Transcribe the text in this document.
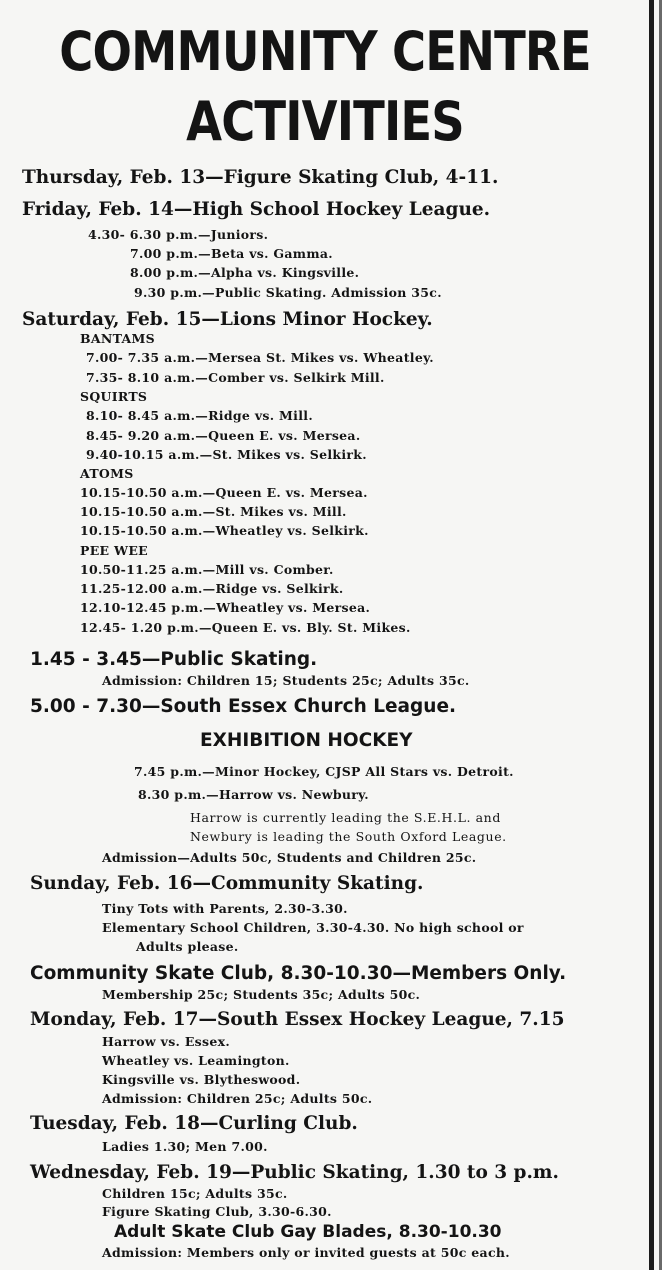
COMMUNITY CENTRE
ACTIVITIES
Thursday, Feb. 13—Figure Skating Club, 4-11.
Friday, Feb. 14—High School Hockey League.
4.30- 6.30 p.m.—Juniors.
7.00 p.m.—Beta vs. Gamma.
8.00 p.m.—Alpha vs. Kingsville.
9.30 p.m.—Public Skating. Admission 35c.
Saturday, Feb. 15—Lions Minor Hockey.
BANTAMS
7.00- 7.35 a.m.—Mersea St. Mikes vs. Wheatley.
7.35- 8.10 a.m.—Comber vs. Selkirk Mill.
SQUIRTS
8.10- 8.45 a.m.—Ridge vs. Mill.
8.45- 9.20 a.m.—Queen E. vs. Mersea.
9.40-10.15 a.m.—St. Mikes vs. Selkirk.
ATOMS
10.15-10.50 a.m.—Queen E. vs. Mersea.
10.15-10.50 a.m.—St. Mikes vs. Mill.
10.15-10.50 a.m.—Wheatley vs. Selkirk.
PEE WEE
10.50-11.25 a.m.—Mill vs. Comber.
11.25-12.00 a.m.—Ridge vs. Selkirk.
12.10-12.45 p.m.—Wheatley vs. Mersea.
12.45- 1.20 p.m.—Queen E. vs. Bly. St. Mikes.
1.45 - 3.45—Public Skating.
Admission: Children 15; Students 25c; Adults 35c.
5.00 - 7.30—South Essex Church League.
EXHIBITION HOCKEY
7.45 p.m.—Minor Hockey, CJSP All Stars vs. Detroit.
8.30 p.m.—Harrow vs. Newbury.
Harrow is currently leading the S.E.H.L. and
Newbury is leading the South Oxford League.
Admission—Adults 50c, Students and Children 25c.
Sunday, Feb. 16—Community Skating.
Tiny Tots with Parents, 2.30-3.30.
Elementary School Children, 3.30-4.30. No high school or
Adults please.
Community Skate Club, 8.30-10.30—Members Only.
Membership 25c; Students 35c; Adults 50c.
Monday, Feb. 17—South Essex Hockey League, 7.15
Harrow vs. Essex.
Wheatley vs. Leamington.
Kingsville vs. Blytheswood.
Admission: Children 25c; Adults 50c.
Tuesday, Feb. 18—Curling Club.
Ladies 1.30; Men 7.00.
Wednesday, Feb. 19—Public Skating, 1.30 to 3 p.m.
Children 15c; Adults 35c.
Figure Skating Club, 3.30-6.30.
Adult Skate Club Gay Blades, 8.30-10.30
Admission: Members only or invited guests at 50c each.
